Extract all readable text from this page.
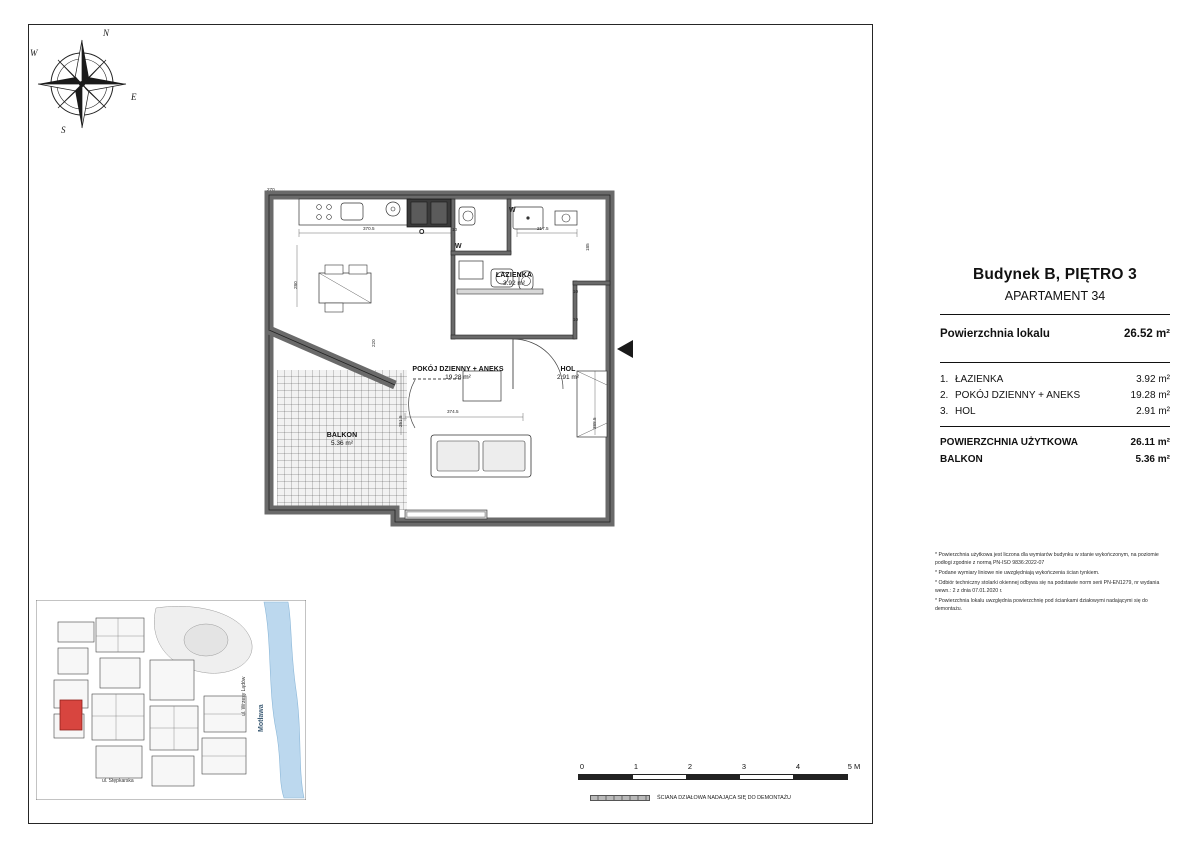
N
E
S
W
ŁAZIENKA
3.92 m²
POKÓJ DZIENNY + ANEKS
19.28 m²
HOL
2.91 m²
BALKON
5.36 m²
370.5	217.5
280
220
374.5
251.5	388.5
10
10
10
185
270
W
W
O
ul. Stępkarska
ul. Wrzesy Lądów
Motława
0	1	2	3	4	5 M
ŚCIANA DZIAŁOWA NADAJĄCA SIĘ DO DEMONTAŻU
Budynek B, PIĘTRO 3
APARTAMENT 34
Powierzchnia lokalu	26.52 m²
1. ŁAZIENKA	3.92 m²
2. POKÓJ DZIENNY + ANEKS	19.28 m²
3. HOL	2.91 m²
POWIERZCHNIA UŻYTKOWA	26.11 m²
BALKON	5.36 m²

* Powierzchnia użytkowa jest liczona dla wymiarów budynku w stanie wykończonym, na poziomie podłogi zgodnie z normą PN-ISO 9836:2022-07

* Podane wymiary liniowe nie uwzględniają wykończenia ścian tynkiem.

* Odbiór techniczny stolarki okiennej odbywa się na podstawie norm serii PN-EN1279, nr wydania wewn.: 2 z dnia 07.01.2020 r.

* Powierzchnia lokalu uwzględnia powierzchnię pod ściankami działowymi nadającymi się do demontażu.
